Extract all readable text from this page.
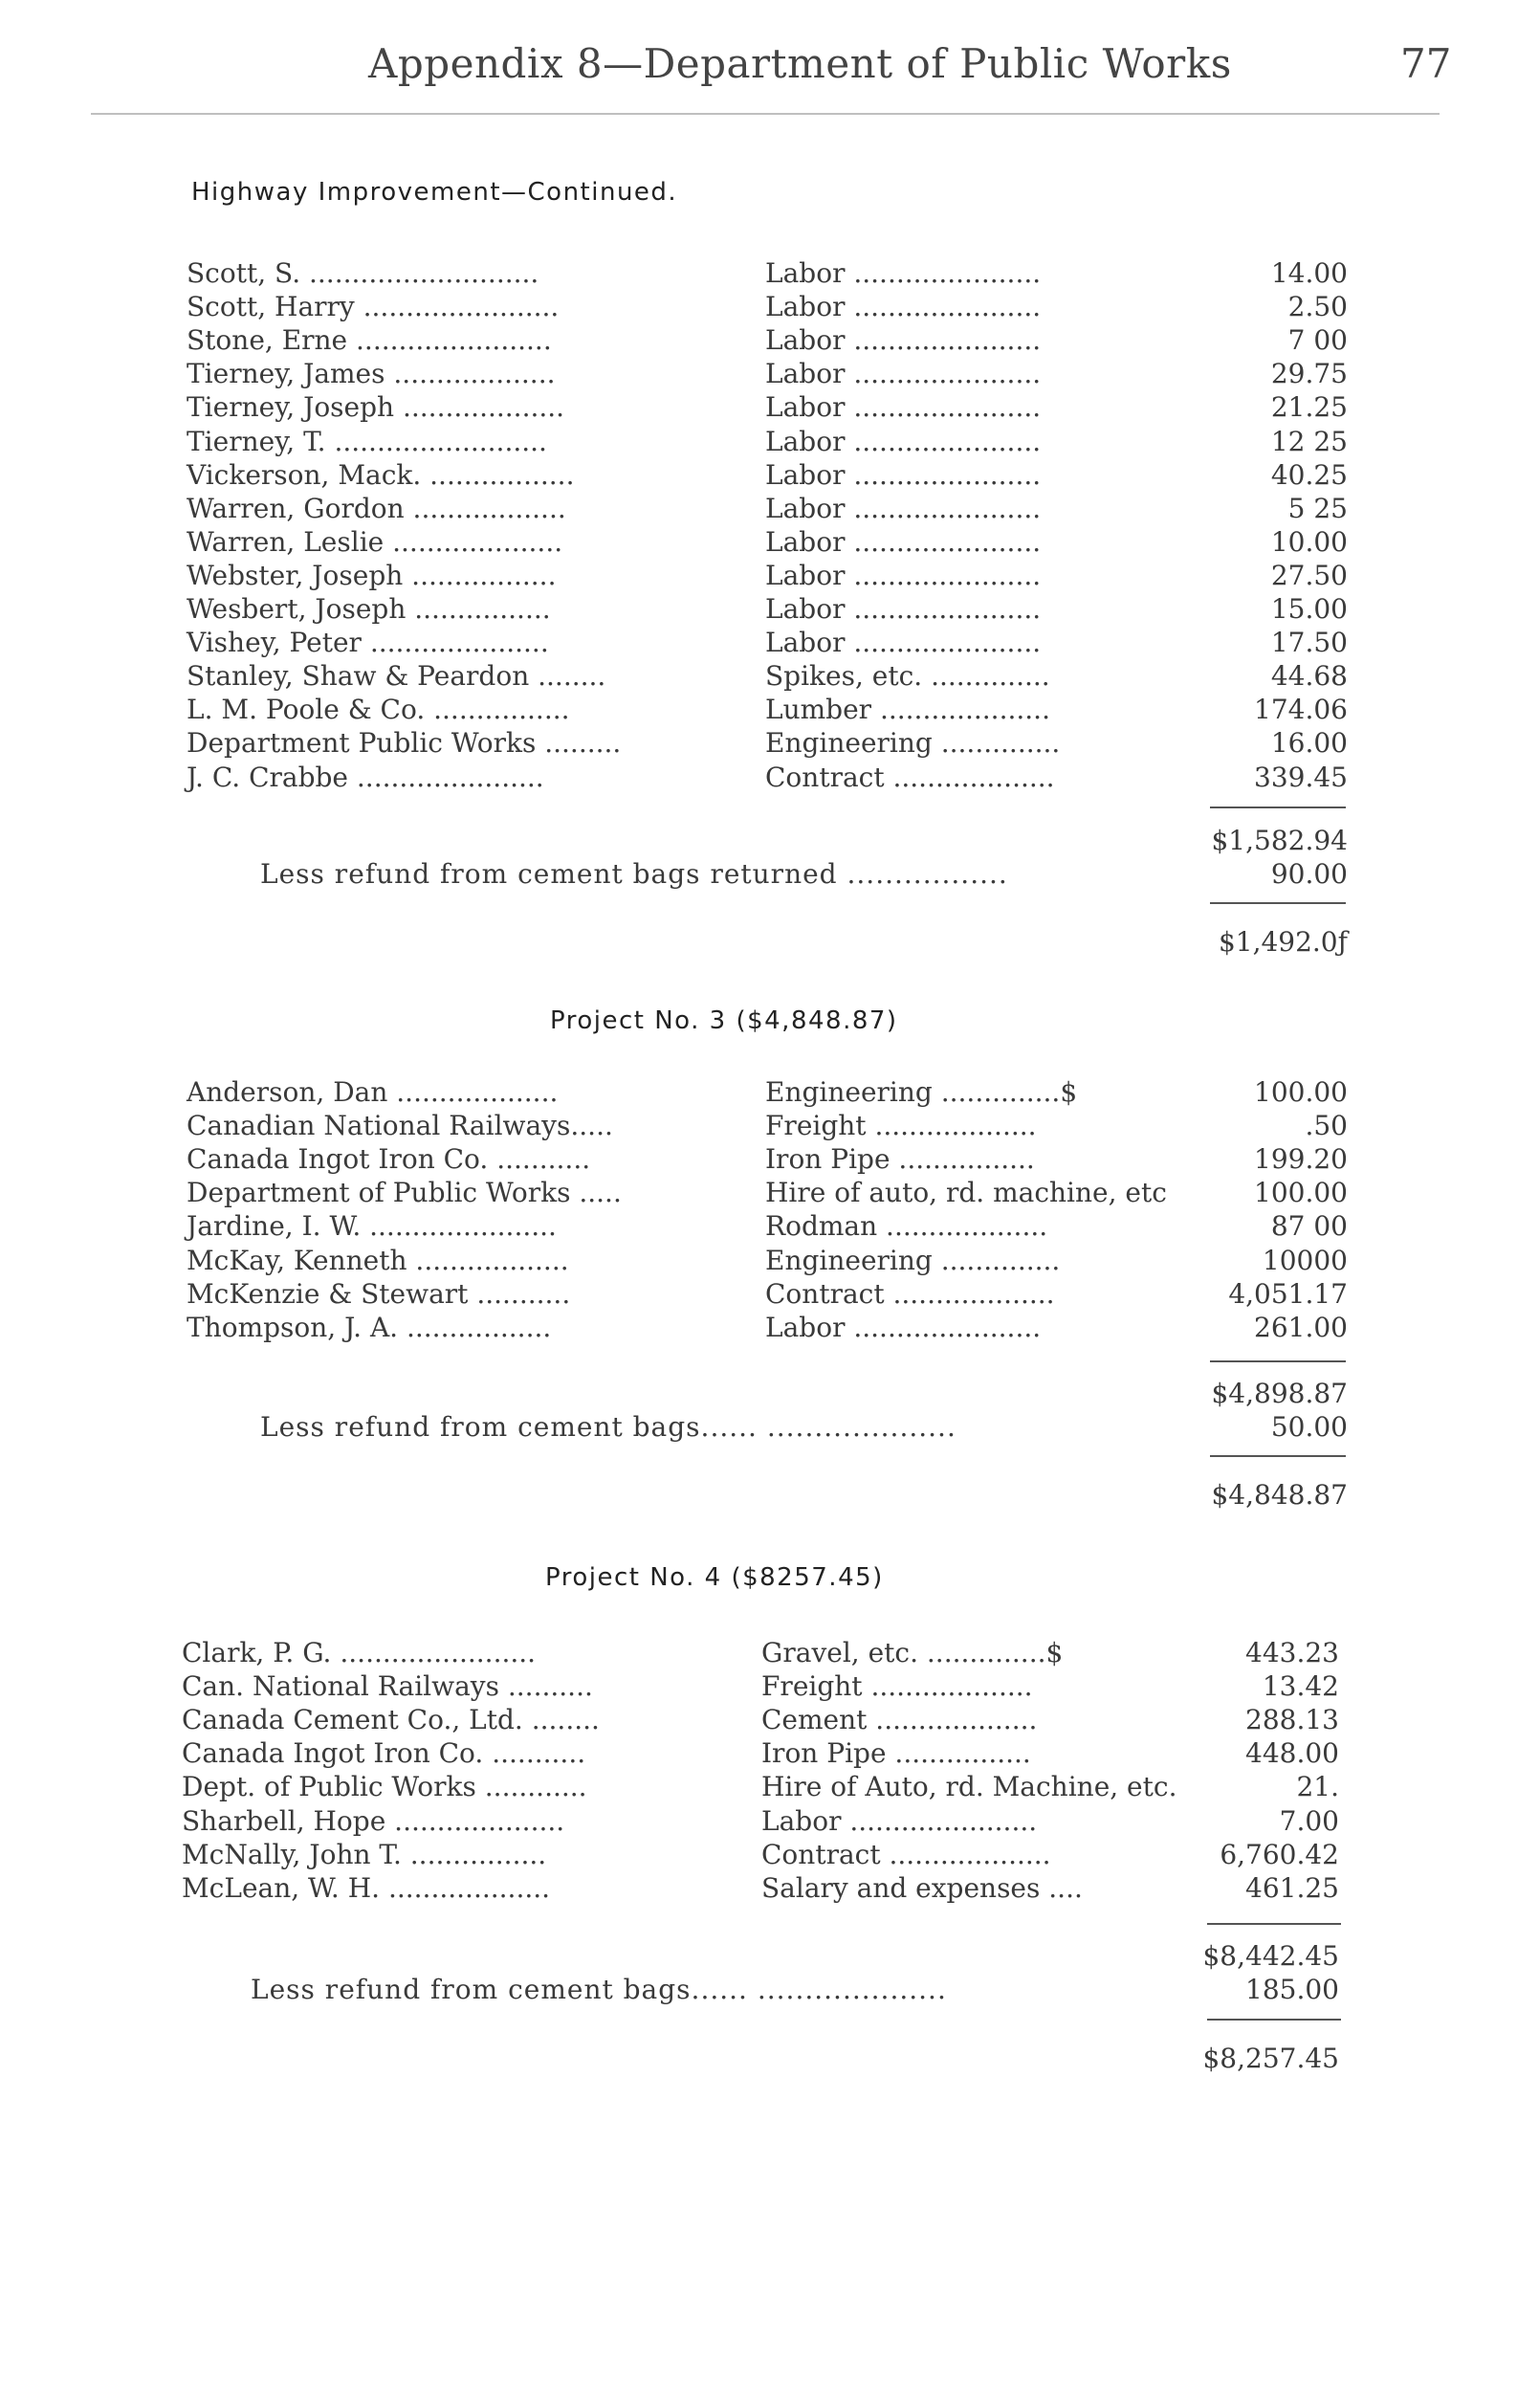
Appendix 8—Department of Public Works	77
Highway Improvement—Continued.
Scott, S. ...........................	Labor ......................	14.00
Scott, Harry .......................	Labor ......................	2.50
Stone, Erne .......................	Labor ......................	7 00
Tierney, James ...................	Labor ......................	29.75
Tierney, Joseph ...................	Labor ......................	21.25
Tierney, T. .........................	Labor ......................	12 25
Vickerson, Mack. .................	Labor ......................	40.25
Warren, Gordon ..................	Labor ......................	5 25
Warren, Leslie ....................	Labor ......................	10.00
Webster, Joseph .................	Labor ......................	27.50
Wesbert, Joseph ................	Labor ......................	15.00
Vishey, Peter .....................	Labor ......................	17.50
Stanley, Shaw & Peardon ........	Spikes, etc. ..............	44.68
L. M. Poole & Co. ................	Lumber ....................	174.06
Department Public Works .........	Engineering ..............	16.00
J. C. Crabbe ......................	Contract ...................	339.45
$1,582.94
Less refund from cement bags returned .................	90.00
$1,492.0ƒ
Project No. 3 ($4,848.87)
Anderson, Dan ...................	Engineering ..............$	100.00
Canadian National Railways.....	Freight ...................	.50
Canada Ingot Iron Co. ...........	Iron Pipe ................	199.20
Department of Public Works .....	Hire of auto, rd. machine, etc	100.00
Jardine, I. W. ......................	Rodman ...................	87 00
McKay, Kenneth ..................	Engineering ..............	10000
McKenzie & Stewart ...........	Contract ...................	4,051.17
Thompson, J. A. .................	Labor ......................	261.00
$4,898.87
Less refund from cement bags...... ....................	50.00
$4,848.87
Project No. 4 ($8257.45)
Clark, P. G. .......................	Gravel, etc. ..............$	443.23
Can. National Railways ..........	Freight ...................	13.42
Canada Cement Co., Ltd. ........	Cement ...................	288.13
Canada Ingot Iron Co. ...........	Iron Pipe ................	448.00
Dept. of Public Works ............	Hire of Auto, rd. Machine, etc.	21.
Sharbell, Hope ....................	Labor ......................	7.00
McNally, John T. ................	Contract ...................	6,760.42
McLean, W. H. ...................	Salary and expenses ....	461.25
$8,442.45
Less refund from cement bags...... ....................	185.00
$8,257.45
